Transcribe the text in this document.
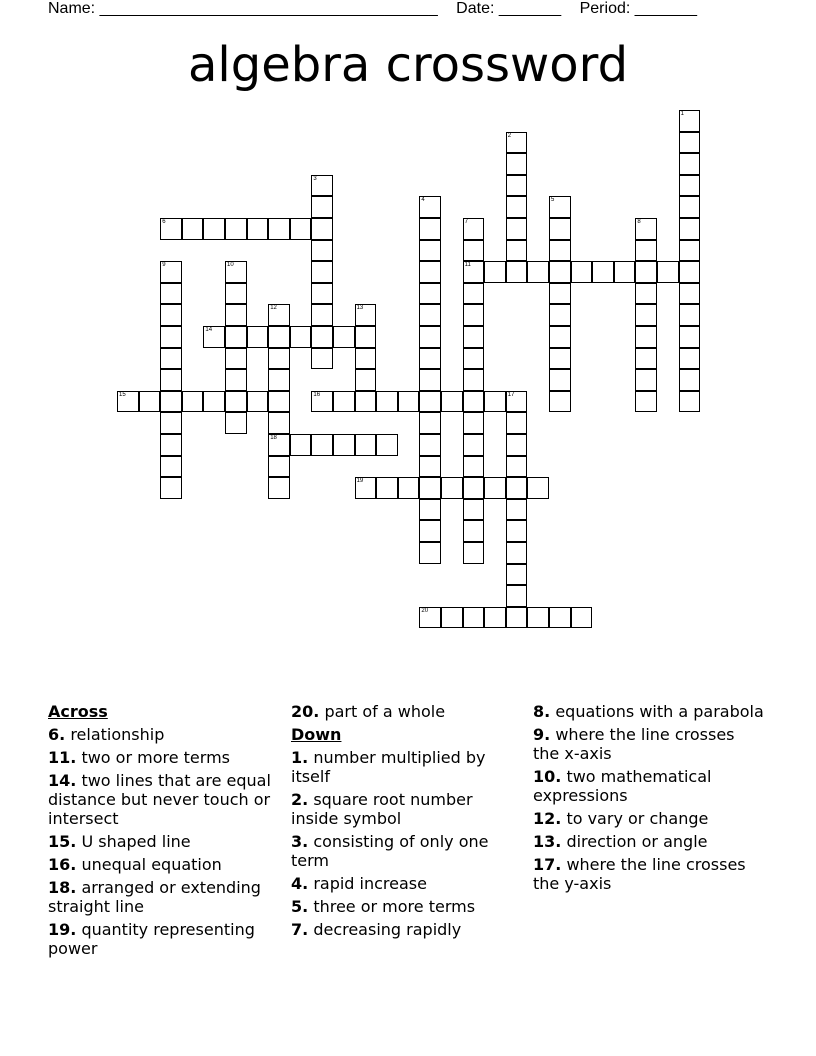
Name: ______________________________________ Date: _______ Period: _______
algebra crossword
1
2
3
4	5
6	7
11
8
9	10
12
18
13
14
15	16	17
19
20
Across
6. relationship
11. two or more terms
14. two lines that are equal distance but never touch or intersect
15. U shaped line
16. unequal equation
18. arranged or extending straight line
19. quantity representing power
20. part of a whole
Down
1. number multiplied by itself
2. square root number inside symbol
3. consisting of only one term
4. rapid increase
5. three or more terms
7. decreasing rapidly
8. equations with a parabola
9. where the line crosses the x-axis
10. two mathematical expressions
12. to vary or change
13. direction or angle
17. where the line crosses the y-axis
